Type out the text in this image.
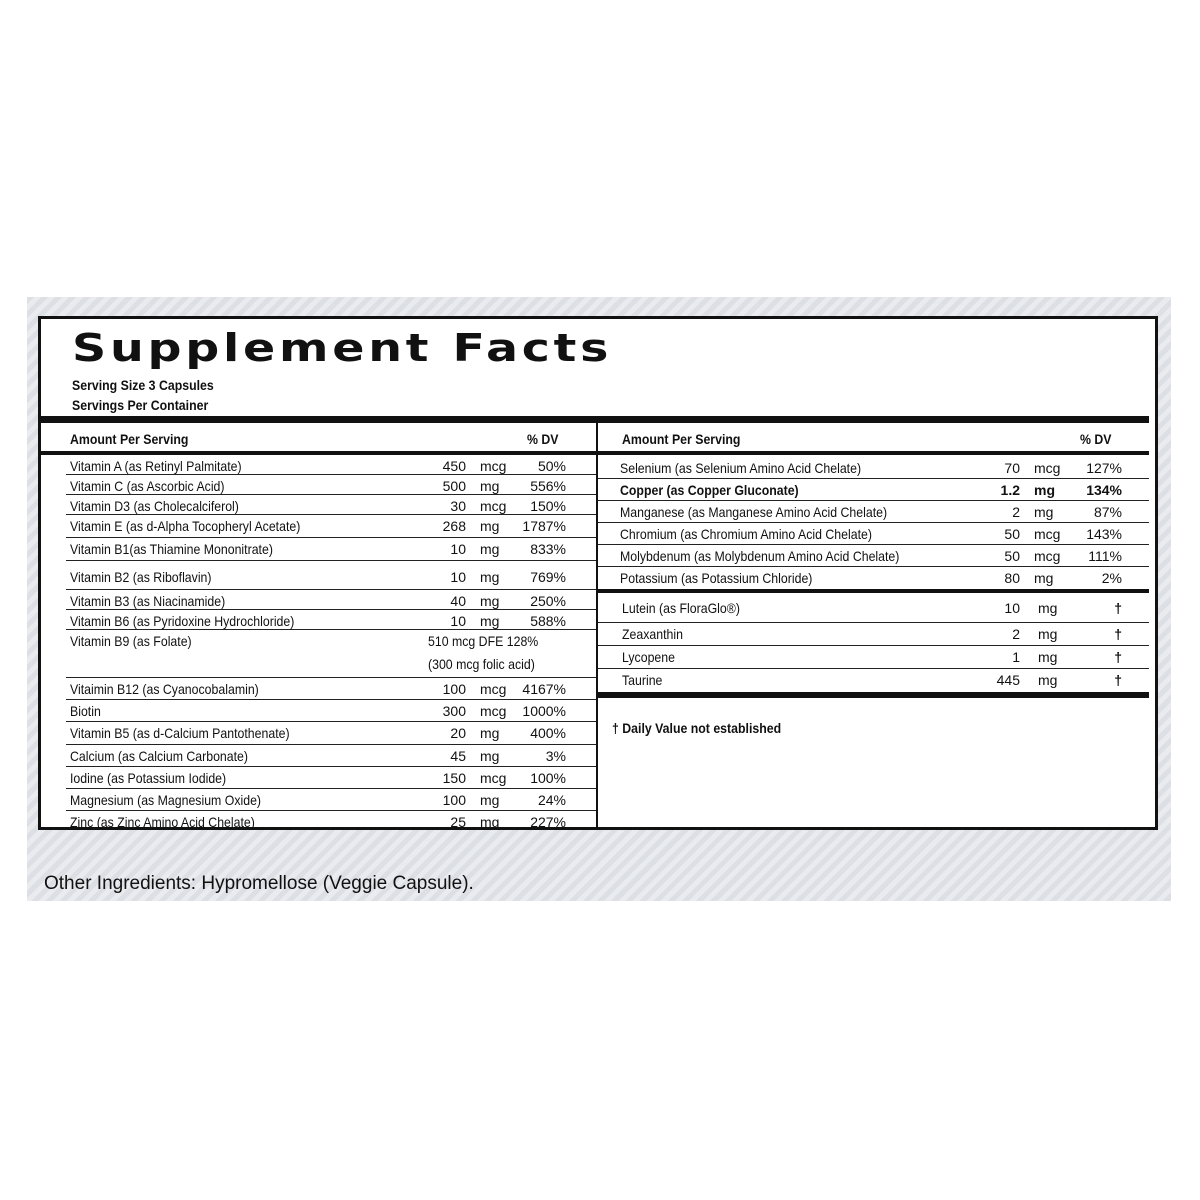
Supplement Facts
Serving Size 3 Capsules
Servings Per Container
Amount Per Serving	% DV	Amount Per Serving	% DV
Vitamin A (as Retinyl Palmitate)	450 mcg	50%
Vitamin C (as Ascorbic Acid)	500 mg	556%
Vitamin D3 (as Cholecalciferol)	30 mcg	150%
Vitamin E (as d-Alpha Tocopheryl Acetate)	268 mg	1787%
Vitamin B1(as Thiamine Mononitrate)	10 mg	833%
Vitamin B2 (as Riboflavin)	10 mg	769%
Vitamin B3 (as Niacinamide)	40 mg	250%
Vitamin B6 (as Pyridoxine Hydrochloride)	10 mg	588%
Vitamin B9 (as Folate)	510 mcg DFE 128%
(300 mcg folic acid)
Vitaimin B12 (as Cyanocobalamin)	100 mcg	4167%
Biotin	300 mcg	1000%
Vitamin B5 (as d-Calcium Pantothenate)	20 mg	400%
Calcium (as Calcium Carbonate)	45 mg	3%
Iodine (as Potassium Iodide)	150 mcg	100%
Magnesium (as Magnesium Oxide)	100 mg	24%
Zinc (as Zinc Amino Acid Chelate)	25 mg	227%
Selenium (as Selenium Amino Acid Chelate)	70 mcg	127%
Copper (as Copper Gluconate)	1.2 mg	134%
Manganese (as Manganese Amino Acid Chelate)	2 mg	87%
Chromium (as Chromium Amino Acid Chelate)	50 mcg	143%
Molybdenum (as Molybdenum Amino Acid Chelate)	50 mcg	111%
Potassium (as Potassium Chloride)	80 mg	2%
Lutein (as FloraGlo®)	10 mg	†
Zeaxanthin	2 mg	†
Lycopene	1 mg	†
Taurine	445 mg	†
† Daily Value not established
Other Ingredients: Hypromellose (Veggie Capsule).
